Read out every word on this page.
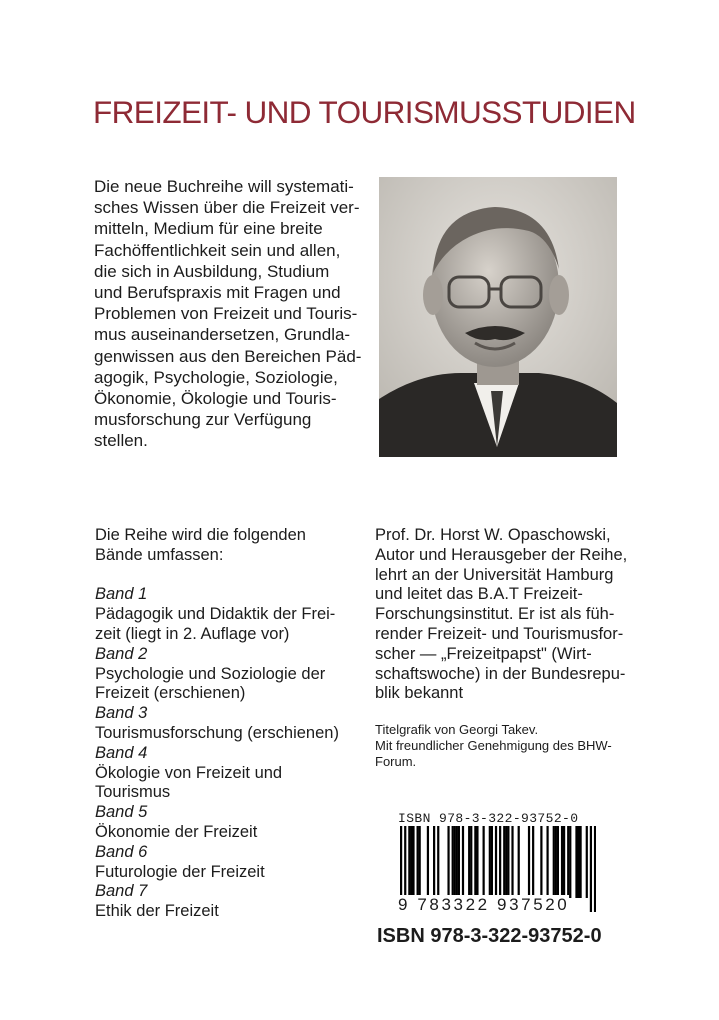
FREIZEIT- UND TOURISMUSSTUDIEN
Die neue Buchreihe will systemati-
sches Wissen über die Freizeit ver-
mitteln, Medium für eine breite
Fachöffentlichkeit sein und allen,
die sich in Ausbildung, Studium
und Berufspraxis mit Fragen und
Problemen von Freizeit und Touris-
mus auseinandersetzen, Grundla-
genwissen aus den Bereichen Päd-
agogik, Psychologie, Soziologie,
Ökonomie, Ökologie und Touris-
musforschung zur Verfügung
stellen.
Die Reihe wird die folgenden
Bände umfassen:

Band 1
Pädagogik und Didaktik der Frei-
zeit (liegt in 2. Auflage vor)
Band 2
Psychologie und Soziologie der
Freizeit (erschienen)
Band 3
Tourismusforschung (erschienen)
Band 4
Ökologie von Freizeit und
Tourismus
Band 5
Ökonomie der Freizeit
Band 6
Futurologie der Freizeit
Band 7
Ethik der Freizeit
Prof. Dr. Horst W. Opaschowski,
Autor und Herausgeber der Reihe,
lehrt an der Universität Hamburg
und leitet das B.A.T Freizeit-
Forschungsinstitut. Er ist als füh-
render Freizeit- und Tourismusfor-
scher — „Freizeitpapst" (Wirt-
schaftswoche) in der Bundesrepu-
blik bekannt
Titelgrafik von Georgi Takev.
Mit freundlicher Genehmigung des BHW-
Forum.
ISBN 978-3-322-93752-0
9 783322 937520
ISBN 978-3-322-93752-0
